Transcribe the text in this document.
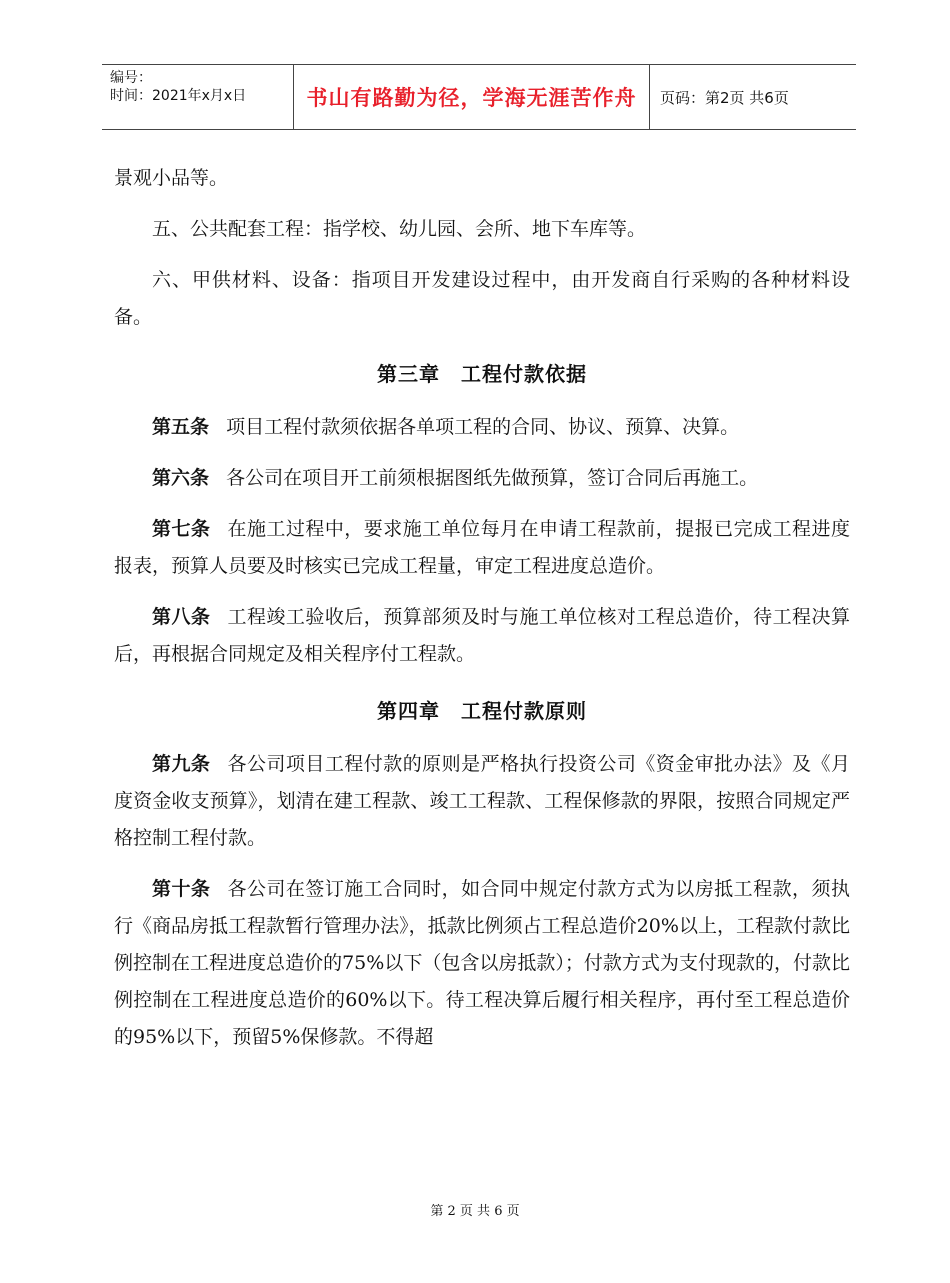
编号：
时间：2021年x月x日	书山有路勤为径，学海无涯苦作舟	页码：第2页 共6页

景观小品等。

五、公共配套工程：指学校、幼儿园、会所、地下车库等。

六、甲供材料、设备：指项目开发建设过程中，由开发商自行采购的各种材料设备。

第三章　工程付款依据

第五条 项目工程付款须依据各单项工程的合同、协议、预算、决算。

第六条 各公司在项目开工前须根据图纸先做预算，签订合同后再施工。

第七条 在施工过程中，要求施工单位每月在申请工程款前，提报已完成工程进度报表，预算人员要及时核实已完成工程量，审定工程进度总造价。

第八条 工程竣工验收后，预算部须及时与施工单位核对工程总造价，待工程决算后，再根据合同规定及相关程序付工程款。

第四章　工程付款原则

第九条 各公司项目工程付款的原则是严格执行投资公司《资金审批办法》及《月度资金收支预算》，划清在建工程款、竣工工程款、工程保修款的界限，按照合同规定严格控制工程付款。

第十条 各公司在签订施工合同时，如合同中规定付款方式为以房抵工程款，须执行《商品房抵工程款暂行管理办法》，抵款比例须占工程总造价20%以上，工程款付款比例控制在工程进度总造价的75%以下（包含以房抵款）；付款方式为支付现款的，付款比例控制在工程进度总造价的60%以下。待工程决算后履行相关程序，再付至工程总造价的95%以下，预留5%保修款。不得超

第 2 页 共 6 页
